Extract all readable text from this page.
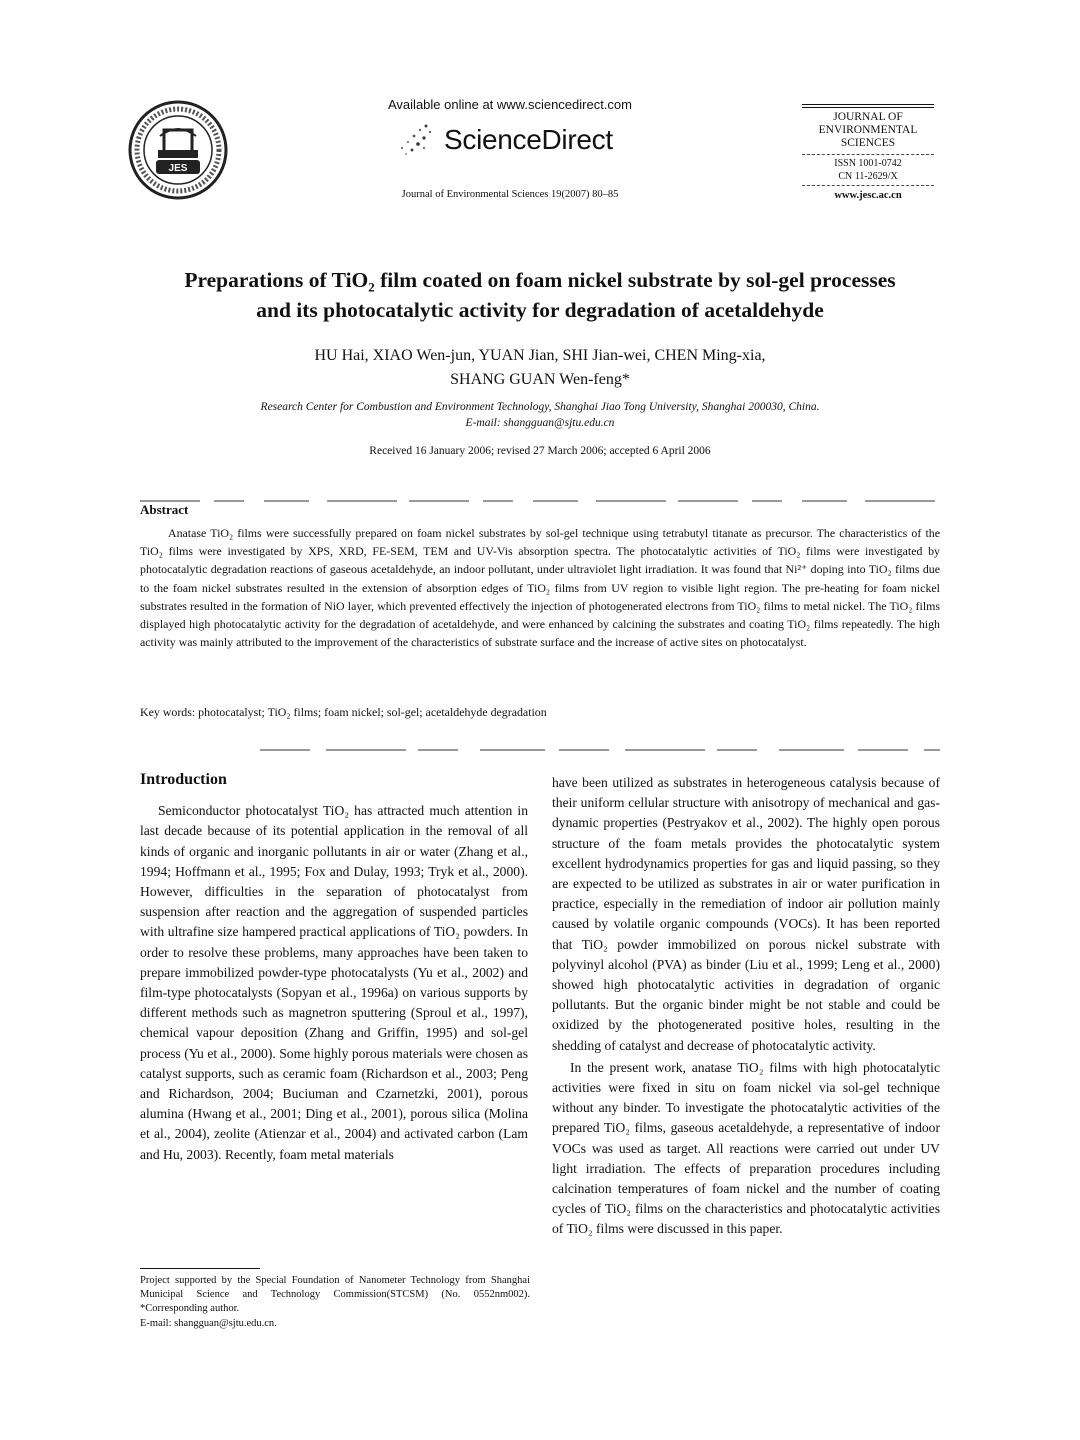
JES
Available online at www.sciencedirect.com
ScienceDirect
Journal of Environmental Sciences 19(2007) 80–85
JOURNAL OF
ENVIRONMENTAL
SCIENCES
ISSN 1001-0742
CN 11-2629/X
www.jesc.ac.cn
Preparations of TiO₂ film coated on foam nickel substrate by sol-gel processes
and its photocatalytic activity for degradation of acetaldehyde
HU Hai, XIAO Wen-jun, YUAN Jian, SHI Jian-wei, CHEN Ming-xia,
SHANG GUAN Wen-feng*
Research Center for Combustion and Environment Technology, Shanghai Jiao Tong University, Shanghai 200030, China.
E-mail: shangguan@sjtu.edu.cn
Received 16 January 2006; revised 27 March 2006; accepted 6 April 2006
Abstract
Anatase TiO₂ films were successfully prepared on foam nickel substrates by sol-gel technique using tetrabutyl titanate as precursor. The characteristics of the TiO₂ films were investigated by XPS, XRD, FE-SEM, TEM and UV-Vis absorption spectra. The photocatalytic activities of TiO₂ films were investigated by photocatalytic degradation reactions of gaseous acetaldehyde, an indoor pollutant, under ultraviolet light irradiation. It was found that Ni²⁺ doping into TiO₂ films due to the foam nickel substrates resulted in the extension of absorption edges of TiO₂ films from UV region to visible light region. The pre-heating for foam nickel substrates resulted in the formation of NiO layer, which prevented effectively the injection of photogenerated electrons from TiO₂ films to metal nickel. The TiO₂ films displayed high photocatalytic activity for the degradation of acetaldehyde, and were enhanced by calcining the substrates and coating TiO₂ films repeatedly. The high activity was mainly attributed to the improvement of the characteristics of substrate surface and the increase of active sites on photocatalyst.
Key words: photocatalyst; TiO₂ films; foam nickel; sol-gel; acetaldehyde degradation
Introduction

Semiconductor photocatalyst TiO₂ has attracted much attention in last decade because of its potential application in the removal of all kinds of organic and inorganic pollutants in air or water (Zhang et al., 1994; Hoffmann et al., 1995; Fox and Dulay, 1993; Tryk et al., 2000). However, difficulties in the separation of photocatalyst from suspension after reaction and the aggregation of suspended particles with ultrafine size hampered practical applications of TiO₂ powders. In order to resolve these problems, many approaches have been taken to prepare immobilized powder-type photocatalysts (Yu et al., 2002) and film-type photocatalysts (Sopyan et al., 1996a) on various supports by different methods such as magnetron sputtering (Sproul et al., 1997), chemical vapour deposition (Zhang and Griffin, 1995) and sol-gel process (Yu et al., 2000). Some highly porous materials were chosen as catalyst supports, such as ceramic foam (Richardson et al., 2003; Peng and Richardson, 2004; Buciuman and Czarnetzki, 2001), porous alumina (Hwang et al., 2001; Ding et al., 2001), porous silica (Molina et al., 2004), zeolite (Atienzar et al., 2004) and activated carbon (Lam and Hu, 2003). Recently, foam metal materials

have been utilized as substrates in heterogeneous catalysis because of their uniform cellular structure with anisotropy of mechanical and gas-dynamic properties (Pestryakov et al., 2002). The highly open porous structure of the foam metals provides the photocatalytic system excellent hydrodynamics properties for gas and liquid passing, so they are expected to be utilized as substrates in air or water purification in practice, especially in the remediation of indoor air pollution mainly caused by volatile organic compounds (VOCs). It has been reported that TiO₂ powder immobilized on porous nickel substrate with polyvinyl alcohol (PVA) as binder (Liu et al., 1999; Leng et al., 2000) showed high photocatalytic activities in degradation of organic pollutants. But the organic binder might be not stable and could be oxidized by the photogenerated positive holes, resulting in the shedding of catalyst and decrease of photocatalytic activity.

In the present work, anatase TiO₂ films with high photocatalytic activities were fixed in situ on foam nickel via sol-gel technique without any binder. To investigate the photocatalytic activities of the prepared TiO₂ films, gaseous acetaldehyde, a representative of indoor VOCs was used as target. All reactions were carried out under UV light irradiation. The effects of preparation procedures including calcination temperatures of foam nickel and the number of coating cycles of TiO₂ films on the characteristics and photocatalytic activities of TiO₂ films were discussed in this paper.

Project supported by the Special Foundation of Nanometer Technology from Shanghai Municipal Science and Technology Commission(STCSM) (No. 0552nm002). *Corresponding author.
E-mail: shangguan@sjtu.edu.cn.
